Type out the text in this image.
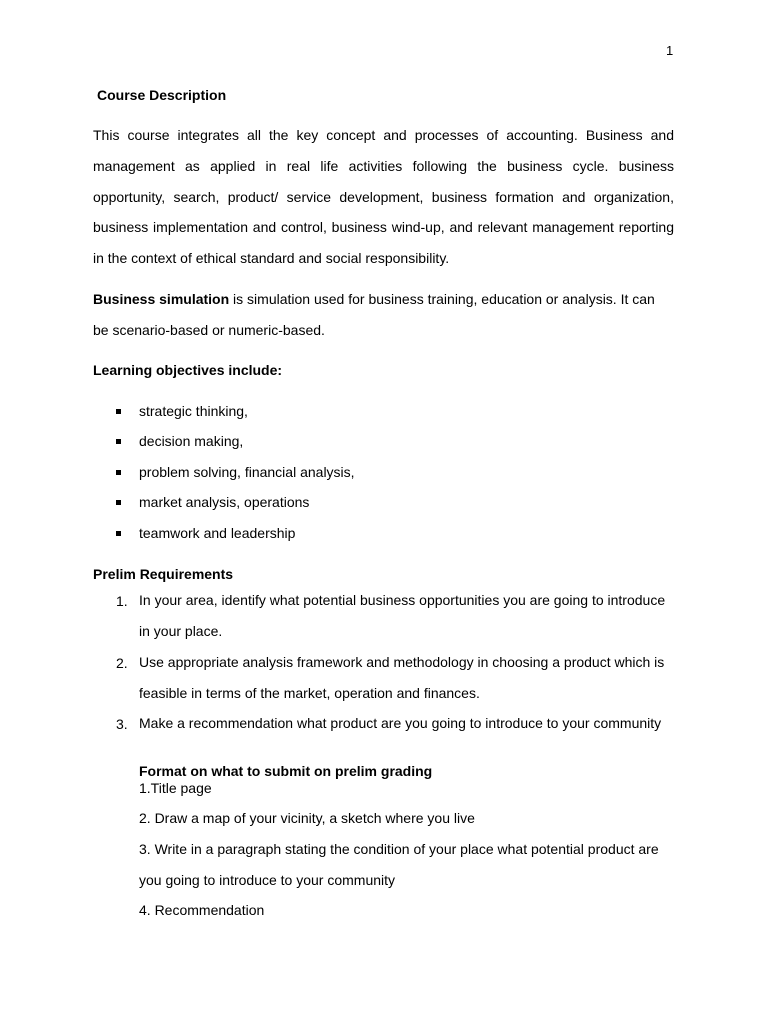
1
Course Description

This course integrates all the key concept and processes of accounting. Business and management as applied in real life activities following the business cycle. business opportunity, search, product/ service development, business formation and organization, business implementation and control, business wind-up, and relevant management reporting in the context of ethical standard and social responsibility.

Business simulation is simulation used for business training, education or analysis. It can be scenario-based or numeric-based.

Learning objectives include:
strategic thinking,
decision making,
problem solving, financial analysis,
market analysis, operations
teamwork and leadership
Prelim Requirements
1. In your area, identify what potential business opportunities you are going to introduce in your place.
2. Use appropriate analysis framework and methodology in choosing a product which is feasible in terms of the market, operation and finances.
3. Make a recommendation what product are you going to introduce to your community
Format on what to submit on prelim grading
1.Title page
2. Draw a map of your vicinity, a sketch where you live
3. Write in a paragraph stating the condition of your place what potential product are you going to introduce to your community
4. Recommendation
